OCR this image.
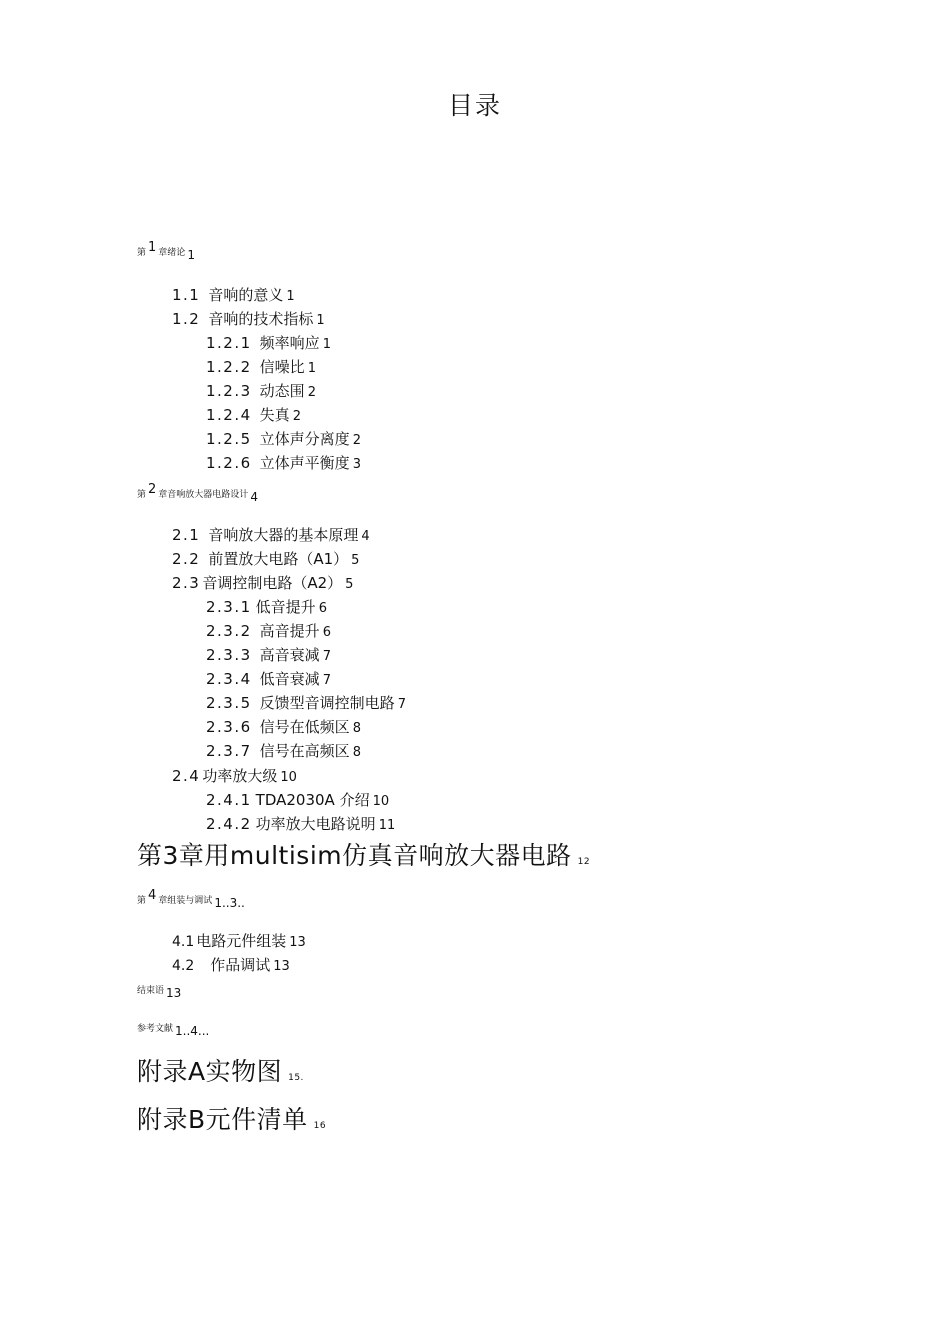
目录
第 1 章绪论 1
1.1 音响的意义 1
1.2 音响的技术指标 1
1.2.1 频率响应 1
1.2.2 信噪比 1
1.2.3 动态围 2
1.2.4 失真 2
1.2.5 立体声分离度 2
1.2.6 立体声平衡度 3
第 2 章音响放大器电路设计 4
2.1 音响放大器的基本原理 4
2.2 前置放大电路（A1） 5
2.3 音调控制电路（A2） 5
2.3.1 低音提升 6
2.3.2 高音提升 6
2.3.3 高音衰减 7
2.3.4 低音衰减 7
2.3.5 反馈型音调控制电路 7
2.3.6 信号在低频区 8
2.3.7 信号在高频区 8
2.4 功率放大级 10
2.4.1 TDA2030A 介绍 10
2.4.2 功率放大电路说明 11
第3章用multisim仿真音响放大器电路 12
第 4 章组装与调试 1..3..
4.1 电路元件组装 13
4.2 作品调试 13
结束语 13
参考文献 1..4...
附录A实物图 15.
附录B元件清单 16
